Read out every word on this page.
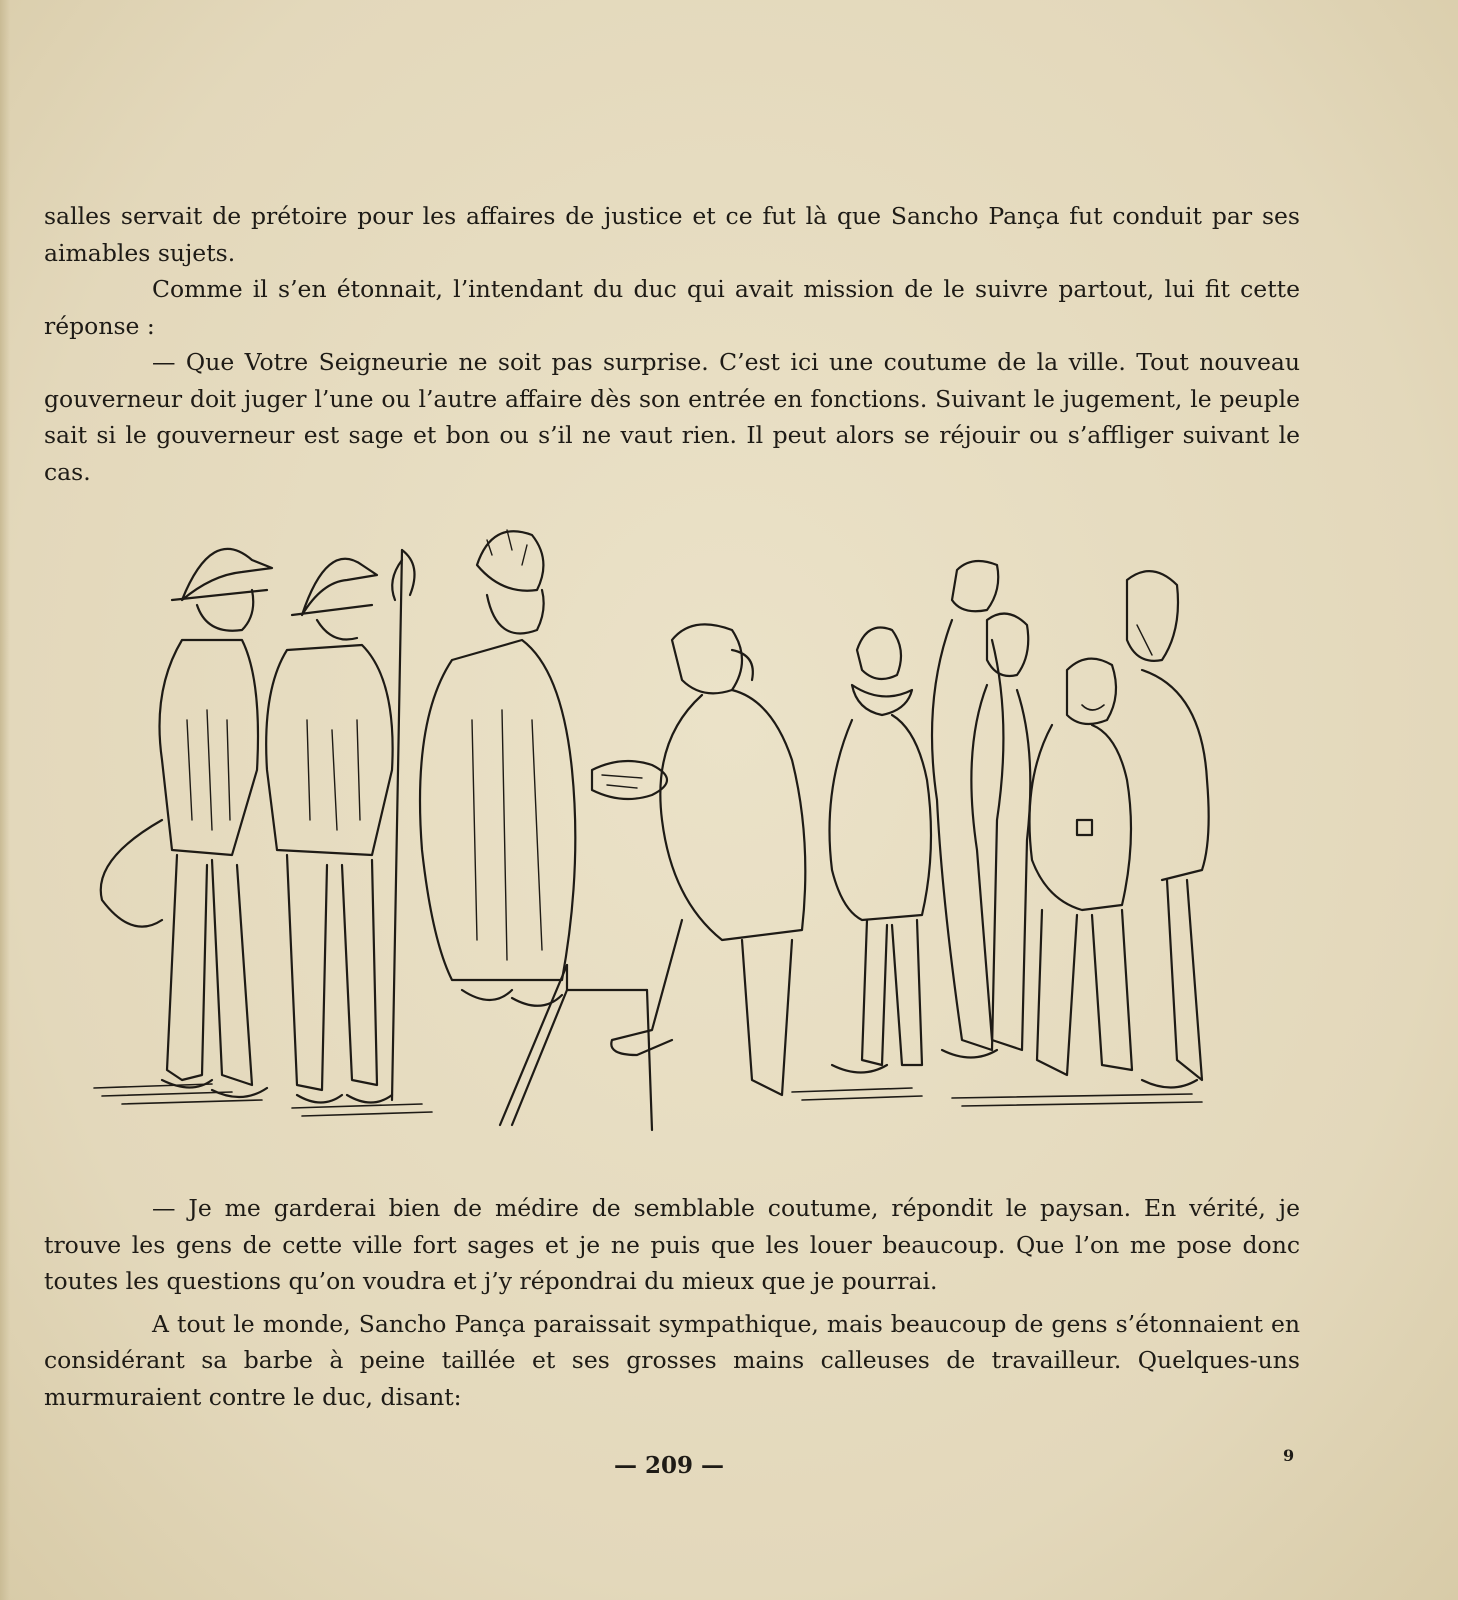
salles servait de prétoire pour les affaires de justice et ce fut là que Sancho Pança fut conduit par ses aimables sujets.

Comme il s’en étonnait, l’intendant du duc qui avait mission de le suivre partout, lui fit cette réponse :

— Que Votre Seigneurie ne soit pas surprise. C’est ici une coutume de la ville. Tout nouveau gouverneur doit juger l’une ou l’autre affaire dès son entrée en fonctions. Suivant le jugement, le peuple sait si le gouverneur est sage et bon ou s’il ne vaut rien. Il peut alors se réjouir ou s’affliger suivant le cas.

— Je me garderai bien de médire de semblable coutume, répondit le paysan. En vérité, je trouve les gens de cette ville fort sages et je ne puis que les louer beaucoup. Que l’on me pose donc toutes les questions qu’on voudra et j’y répondrai du mieux que je pourrai.

A tout le monde, Sancho Pança paraissait sympathique, mais beaucoup de gens s’étonnaient en considérant sa barbe à peine taillée et ses grosses mains calleuses de travailleur. Quelques-uns murmuraient contre le duc, disant:

— 209 —	9
